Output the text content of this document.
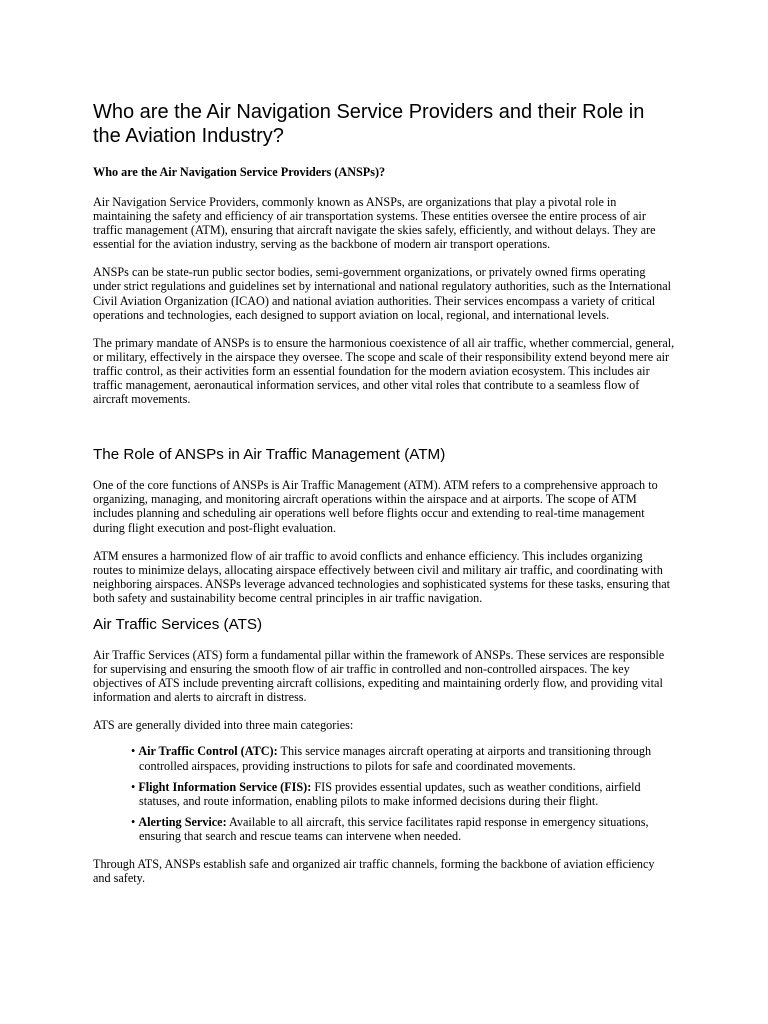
Who are the Air Navigation Service Providers and their Role in the Aviation Industry?
Who are the Air Navigation Service Providers (ANSPs)?

Air Navigation Service Providers, commonly known as ANSPs, are organizations that play a pivotal role in maintaining the safety and efficiency of air transportation systems. These entities oversee the entire process of air traffic management (ATM), ensuring that aircraft navigate the skies safely, efficiently, and without delays. They are essential for the aviation industry, serving as the backbone of modern air transport operations.

ANSPs can be state-run public sector bodies, semi-government organizations, or privately owned firms operating under strict regulations and guidelines set by international and national regulatory authorities, such as the International Civil Aviation Organization (ICAO) and national aviation authorities. Their services encompass a variety of critical operations and technologies, each designed to support aviation on local, regional, and international levels.

The primary mandate of ANSPs is to ensure the harmonious coexistence of all air traffic, whether commercial, general, or military, effectively in the airspace they oversee. The scope and scale of their responsibility extend beyond mere air traffic control, as their activities form an essential foundation for the modern aviation ecosystem. This includes air traffic management, aeronautical information services, and other vital roles that contribute to a seamless flow of aircraft movements.

The Role of ANSPs in Air Traffic Management (ATM)

One of the core functions of ANSPs is Air Traffic Management (ATM). ATM refers to a comprehensive approach to organizing, managing, and monitoring aircraft operations within the airspace and at airports. The scope of ATM includes planning and scheduling air operations well before flights occur and extending to real-time management during flight execution and post-flight evaluation.

ATM ensures a harmonized flow of air traffic to avoid conflicts and enhance efficiency. This includes organizing routes to minimize delays, allocating airspace effectively between civil and military air traffic, and coordinating with neighboring airspaces. ANSPs leverage advanced technologies and sophisticated systems for these tasks, ensuring that both safety and sustainability become central principles in air traffic navigation.

Air Traffic Services (ATS)

Air Traffic Services (ATS) form a fundamental pillar within the framework of ANSPs. These services are responsible for supervising and ensuring the smooth flow of air traffic in controlled and non-controlled airspaces. The key objectives of ATS include preventing aircraft collisions, expediting and maintaining orderly flow, and providing vital information and alerts to aircraft in distress.

ATS are generally divided into three main categories:

• Air Traffic Control (ATC): This service manages aircraft operating at airports and transitioning through controlled airspaces, providing instructions to pilots for safe and coordinated movements.
• Flight Information Service (FIS): FIS provides essential updates, such as weather conditions, airfield statuses, and route information, enabling pilots to make informed decisions during their flight.
• Alerting Service: Available to all aircraft, this service facilitates rapid response in emergency situations, ensuring that search and rescue teams can intervene when needed.

Through ATS, ANSPs establish safe and organized air traffic channels, forming the backbone of aviation efficiency and safety.
